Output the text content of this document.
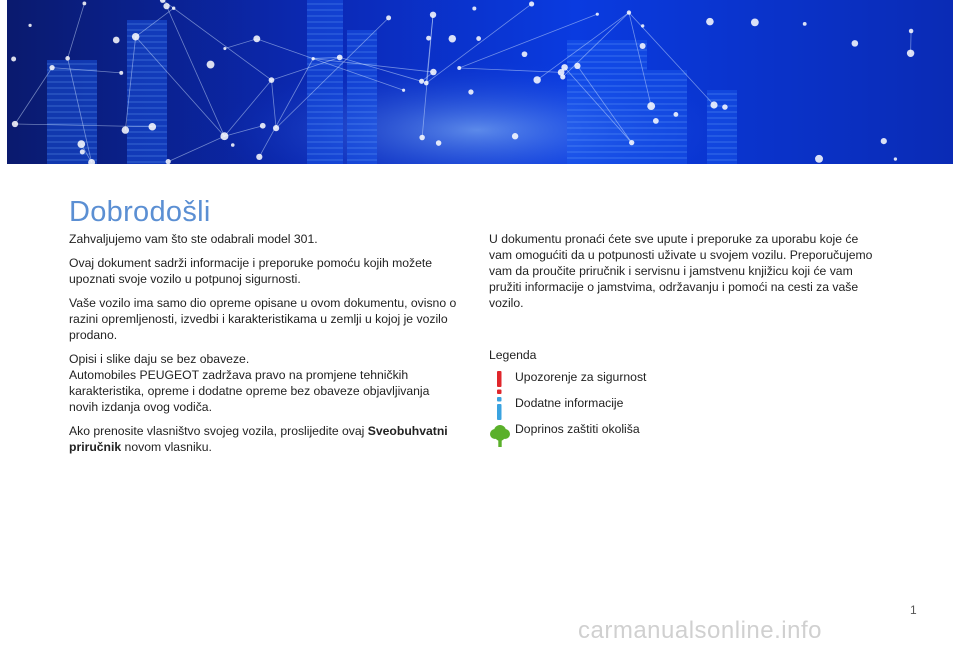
Dobrodošli

Zahvaljujemo vam što ste odabrali model 301.

Ovaj dokument sadrži informacije i preporuke pomoću kojih možete upoznati svoje vozilo u potpunoj sigurnosti.

Vaše vozilo ima samo dio opreme opisane u ovom dokumentu, ovisno o razini opremljenosti, izvedbi i karakteristikama u zemlji u kojoj je vozilo prodano.

Opisi i slike daju se bez obaveze.
Automobiles PEUGEOT zadržava pravo na promjene tehničkih karakteristika, opreme i dodatne opreme bez obaveze objavljivanja novih izdanja ovog vodiča.

Ako prenosite vlasništvo svojeg vozila, proslijedite ovaj Sveobuhvatni priručnik novom vlasniku.

U dokumentu pronaći ćete sve upute i preporuke za uporabu koje će vam omogućiti da u potpunosti uživate u svojem vozilu. Preporučujemo vam da proučite priručnik i servisnu i jamstvenu knjižicu koji će vam pružiti informacije o jamstvima, održavanju i pomoći na cesti za vaše vozilo.

Legenda
Upozorenje za sigurnost
Dodatne informacije
Doprinos zaštiti okoliša
1
carmanualsonline.info
